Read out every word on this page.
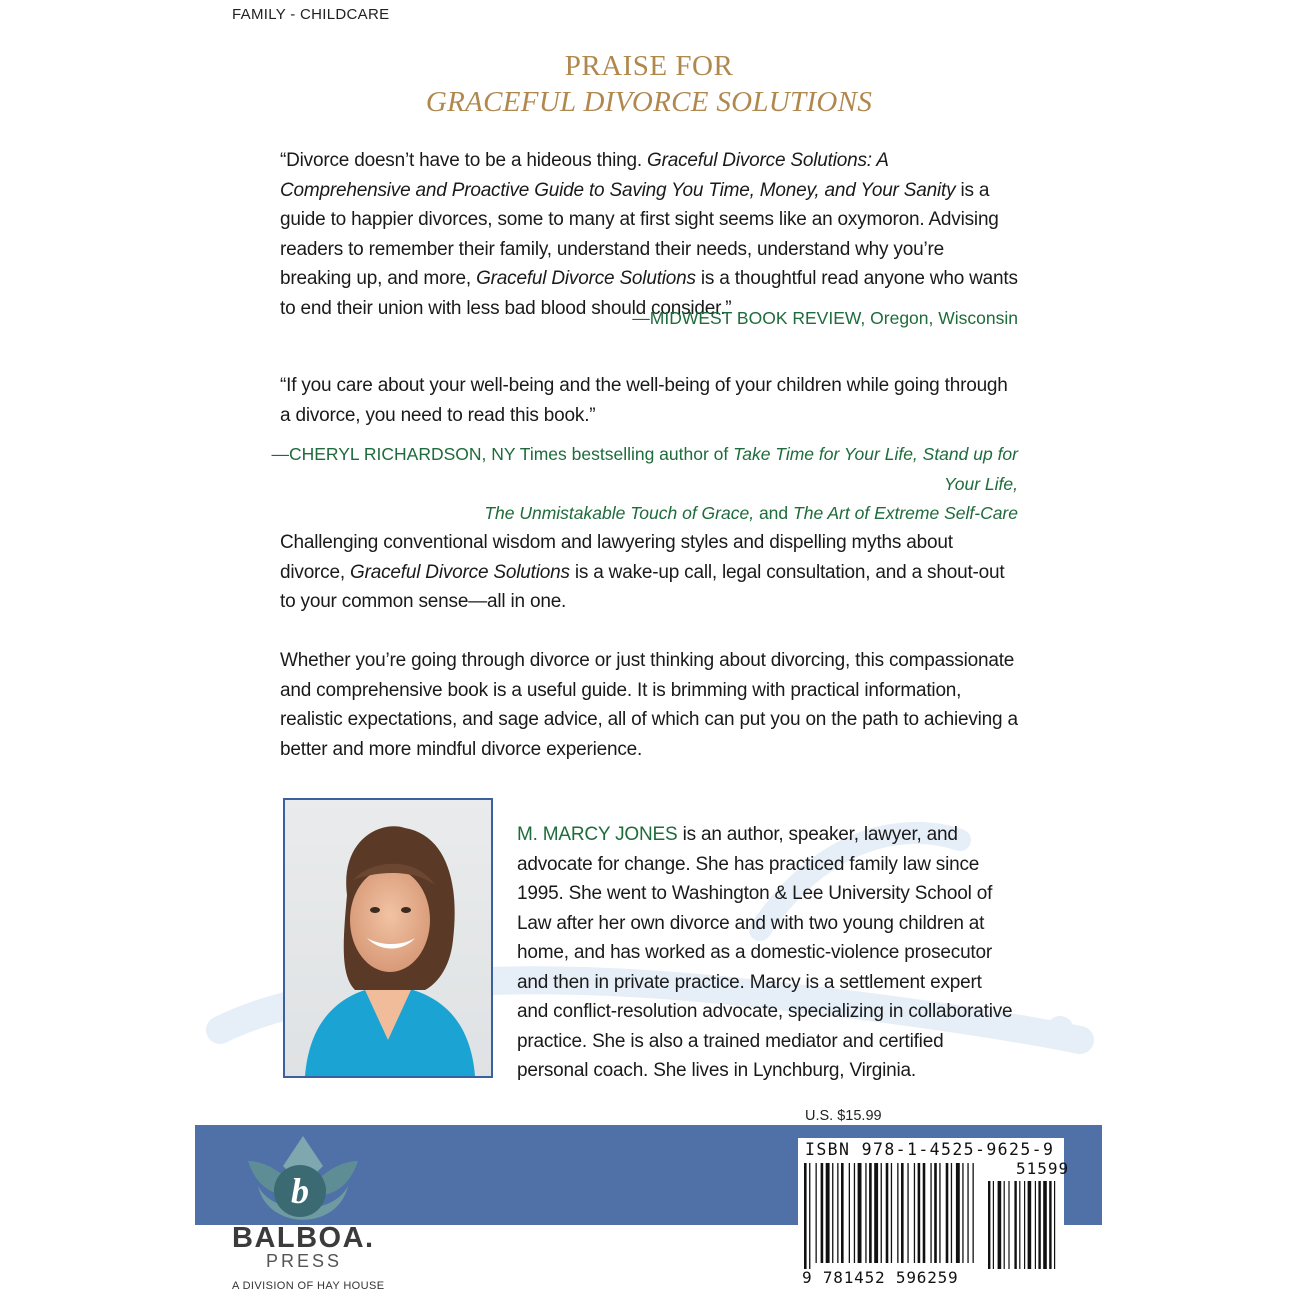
FAMILY - CHILDCARE
PRAISE FOR
GRACEFUL DIVORCE SOLUTIONS
“Divorce doesn’t have to be a hideous thing. Graceful Divorce Solutions: A Comprehensive and Proactive Guide to Saving You Time, Money, and Your Sanity is a guide to happier divorces, some to many at first sight seems like an oxymoron. Advising readers to remember their family, understand their needs, understand why you’re breaking up, and more, Graceful Divorce Solutions is a thoughtful read anyone who wants to end their union with less bad blood should consider.”
—MIDWEST BOOK REVIEW, Oregon, Wisconsin
“If you care about your well-being and the well-being of your children while going through a divorce, you need to read this book.”
—CHERYL RICHARDSON, NY Times bestselling author of Take Time for Your Life, Stand up for Your Life,
The Unmistakable Touch of Grace, and The Art of Extreme Self-Care
Challenging conventional wisdom and lawyering styles and dispelling myths about divorce, Graceful Divorce Solutions is a wake-up call, legal consultation, and a shout-out to your common sense—all in one.
Whether you’re going through divorce or just thinking about divorcing, this compassionate and comprehensive book is a useful guide. It is brimming with practical information, realistic expectations, and sage advice, all of which can put you on the path to achieving a better and more mindful divorce experience.
M. MARCY JONES is an author, speaker, lawyer, and advocate for change. She has practiced family law since 1995. She went to Washington & Lee University School of Law after her own divorce and with two young children at home, and has worked as a domestic-violence prosecutor and then in private practice. Marcy is a settlement expert and conflict-resolution advocate, specializing in collaborative practice. She is also a trained mediator and certified personal coach. She lives in Lynchburg, Virginia.
U.S. $15.99
b
BALBOA.
PRESS
A DIVISION OF HAY HOUSE
ISBN 978-1-4525-9625-9
51599
9 781452 596259
